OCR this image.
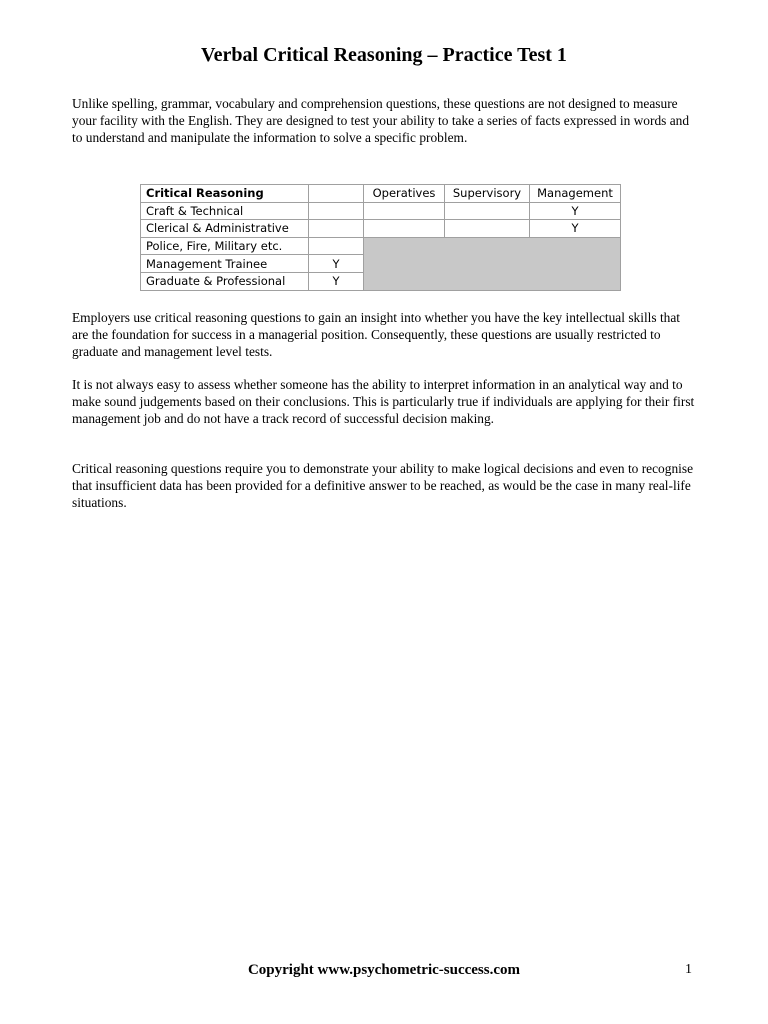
Verbal Critical Reasoning – Practice Test 1

Unlike spelling, grammar, vocabulary and comprehension questions, these questions are not designed to measure your facility with the English. They are designed to test your ability to take a series of facts expressed in words and to understand and manipulate the information to solve a specific problem.

Critical Reasoning		Operatives	Supervisory	Management
Craft & Technical				Y
Clerical & Administrative				Y
Police, Fire, Military etc.				
Management Trainee	Y			
Graduate & Professional	Y			

Employers use critical reasoning questions to gain an insight into whether you have the key intellectual skills that are the foundation for success in a managerial position. Consequently, these questions are usually restricted to graduate and management level tests.

It is not always easy to assess whether someone has the ability to interpret information in an analytical way and to make sound judgements based on their conclusions. This is particularly true if individuals are applying for their first management job and do not have a track record of successful decision making.

Critical reasoning questions require you to demonstrate your ability to make logical decisions and even to recognise that insufficient data has been provided for a definitive answer to be reached, as would be the case in many real-life situations.

Copyright www.psychometric-success.com	1
